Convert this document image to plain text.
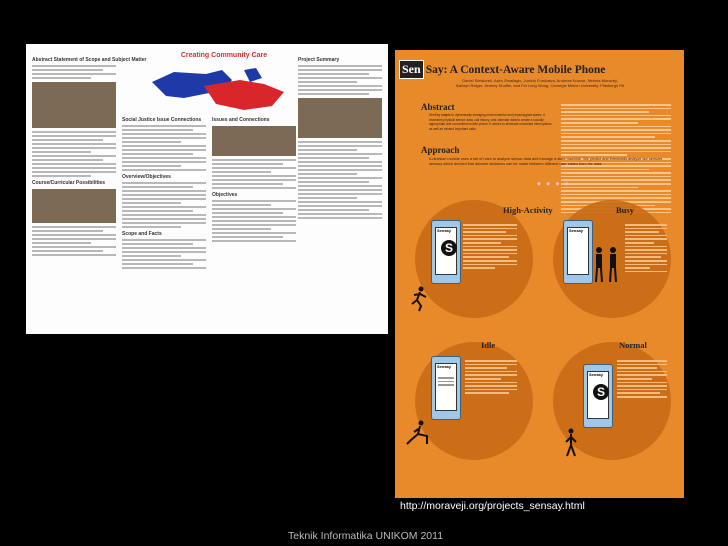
Creating Community Care
Abstract Statement of Scope and Subject Matter
Course/Curricular Possibilities
Social Justice Issue Connections
Overview/Objectives
Scope and Facts
Issues and Connections
Objectives
Project Summary
Sen Say: A Context-Aware Mobile Phone
Daniel Siewiorek, Asim Smailagic, Junichi Furukawa, Andreas Krause, Neema Moraveji, Kathryn Reiger, Jeremy Shaffer, and Fei Lung Wong, Carnegie Mellon University, Pittsburgh PA
Abstract
SenSay adapts to dynamically changing environmental and physiological states. It examines physical sensor data, call history, and calendar data to create a socially appropriate and convenient mobile phone. It strives to eliminate unwanted interruptions as well as missed important calls.
Approach
A decision module uses a set of rules to analyze sensor data and manage a state machine. We predict and thresholds analyze our sensors sensory which derived that discrete decisions can be made between different user states from the data.
◆ ◆ ◆ ◆
High-Activity	Busy
Idle	Normal
Sensay
S
Sensay
Sensay
Sensay
S
http://moraveji.org/projects_sensay.html
Teknik Informatika UNIKOM 2011
